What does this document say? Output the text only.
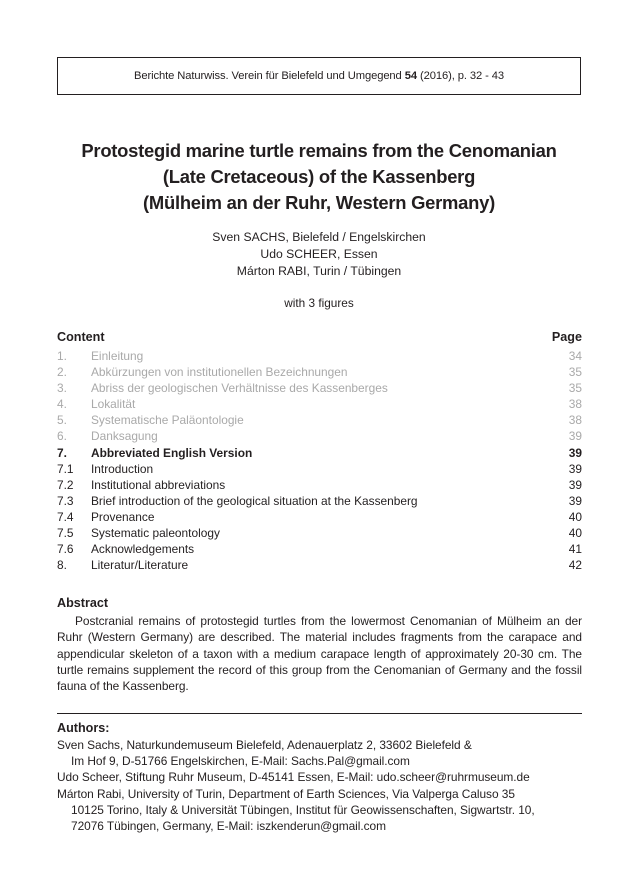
Berichte Naturwiss. Verein für Bielefeld und Umgegend 54 (2016), p. 32 - 43
Protostegid marine turtle remains from the Cenomanian
(Late Cretaceous) of the Kassenberg
(Mülheim an der Ruhr, Western Germany)
Sven SACHS, Bielefeld / Engelskirchen
Udo SCHEER, Essen
Márton RABI, Turin / Tübingen
with 3 figures
Content	Page
1.	Einleitung	34
2.	Abkürzungen von institutionellen Bezeichnungen	35
3.	Abriss der geologischen Verhältnisse des Kassenberges	35
4.	Lokalität	38
5.	Systematische Paläontologie	38
6.	Danksagung	39
7.	Abbreviated English Version	39
7.1	Introduction	39
7.2	Institutional abbreviations	39
7.3	Brief introduction of the geological situation at the Kassenberg	39
7.4	Provenance	40
7.5	Systematic paleontology	40
7.6	Acknowledgements	41
8.	Literatur/Literature	42
Abstract

Postcranial remains of protostegid turtles from the lowermost Cenomanian of Mülheim an der Ruhr (Western Germany) are described. The material includes fragments from the carapace and appendicular skeleton of a taxon with a medium carapace length of approximately 20-30 cm. The turtle remains supplement the record of this group from the Cenomanian of Germany and the fossil fauna of the Kassenberg.

Authors:
Sven Sachs, Naturkundemuseum Bielefeld, Adenauerplatz 2, 33602 Bielefeld &
Im Hof 9, D-51766 Engelskirchen, E-Mail: Sachs.Pal@gmail.com
Udo Scheer, Stiftung Ruhr Museum, D-45141 Essen, E-Mail: udo.scheer@ruhrmuseum.de
Márton Rabi, University of Turin, Department of Earth Sciences, Via Valperga Caluso 35
10125 Torino, Italy & Universität Tübingen, Institut für Geowissenschaften, Sigwartstr. 10,
72076 Tübingen, Germany, E-Mail: iszkenderun@gmail.com
